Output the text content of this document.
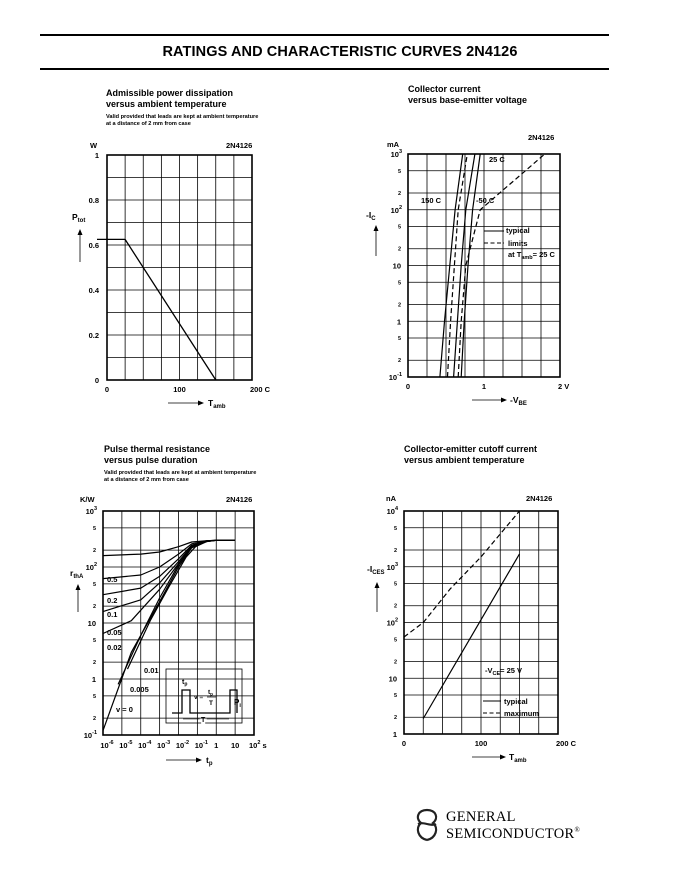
RATINGS AND CHARACTERISTIC CURVES 2N4126
Admissible power dissipation
versus ambient temperature
Valid provided that leads are kept at ambient temperature
at a distance of 2 mm from case
Collector current
versus base-emitter voltage
Pulse thermal resistance
versus pulse duration
Valid provided that leads are kept at ambient temperature
at a distance of 2 mm from case
Collector-emitter cutoff current
versus ambient temperature
W	2N4126
$P_{tot}$
$T_{amb}$
mA
2N4126
$-I_C$
$-V_{BE}$
150 C
25 C
-50 C
typical
limits
at $T_{amb}= 25$ C
K/W	2N4126
$r_{thA}$
$t_p$
0.5
0.2
0.1
0.05
0.02
0.01
0.005
v = 0
$t_p$
v =
$t_p$
T
T
$P_i$
nA	2N4126
$-I_{CES}$
$T_{amb}$
$-V_{CE}= 25$ V
typical
maximum
0
0.2
0.4
0.6
0.8
1
0	100	200 C
2
5
2
5
2
5
2
5
$10^{-1}$
1
10
$10^2$
$10^3$
0	1	2 V
2
5
2
5
2
5
2
5
$10^{-1}$
1
10
$10^2$
$10^3$
$10^{-6}$ $10^{-5}$ $10^{-4}$ $10^{-3}$ $10^{-2}$ $10^{-1}$ 1 10 $10^2$ s
2
5
2
5
2
5
2
5
1
10
$10^2$
$10^3$
$10^4$
0	100	200 C
GENERAL
SEMICONDUCTOR®
